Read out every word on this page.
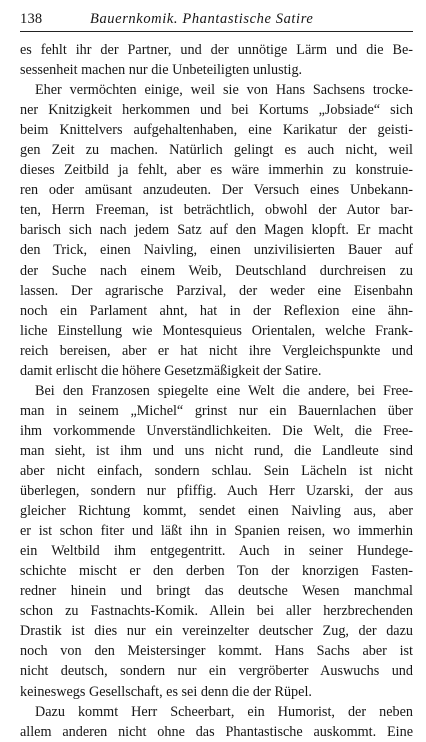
138	Bauernkomik. Phantastische Satire
es fehlt ihr der Partner, und der unnötige Lärm und die Be-
sessenheit machen nur die Unbeteiligten unlustig.
Eher vermöchten einige, weil sie von Hans Sachsens trocke-
ner Knitzigkeit herkommen und bei Kortums „Jobsiade“ sich
beim Knittelvers aufgehaltenhaben, eine Karikatur der geisti-
gen Zeit zu machen. Natürlich gelingt es auch nicht, weil
dieses Zeitbild ja fehlt, aber es wäre immerhin zu konstruie-
ren oder amüsant anzudeuten. Der Versuch eines Unbekann-
ten, Herrn Freeman, ist beträchtlich, obwohl der Autor bar-
barisch sich nach jedem Satz auf den Magen klopft. Er macht
den Trick, einen Naivling, einen unzivilisierten Bauer auf
der Suche nach einem Weib, Deutschland durchreisen zu
lassen. Der agrarische Parzival, der weder eine Eisenbahn
noch ein Parlament ahnt, hat in der Reflexion eine ähn-
liche Einstellung wie Montesquieus Orientalen, welche Frank-
reich bereisen, aber er hat nicht ihre Vergleichspunkte und
damit erlischt die höhere Gesetzmäßigkeit der Satire.
Bei den Franzosen spiegelte eine Welt die andere, bei Free-
man in seinem „Michel“ grinst nur ein Bauernlachen über
ihm vorkommende Unverständlichkeiten. Die Welt, die Free-
man sieht, ist ihm und uns nicht rund, die Landleute sind
aber nicht einfach, sondern schlau. Sein Lächeln ist nicht
überlegen, sondern nur pfiffig. Auch Herr Uzarski, der aus
gleicher Richtung kommt, sendet einen Naivling aus, aber
er ist schon fiter und läßt ihn in Spanien reisen, wo immerhin
ein Weltbild ihm entgegentritt. Auch in seiner Hundege-
schichte mischt er den derben Ton der knorzigen Fasten-
redner hinein und bringt das deutsche Wesen manchmal
schon zu Fastnachts-Komik. Allein bei aller herzbrechenden
Drastik ist dies nur ein vereinzelter deutscher Zug, der dazu
noch von den Meistersinger kommt. Hans Sachs aber ist
nicht deutsch, sondern nur ein vergröberter Auswuchs und
keineswegs Gesellschaft, es sei denn die der Rüpel.
Dazu kommt Herr Scheerbart, ein Humorist, der neben
allem anderen nicht ohne das Phantastische auskommt. Eine
